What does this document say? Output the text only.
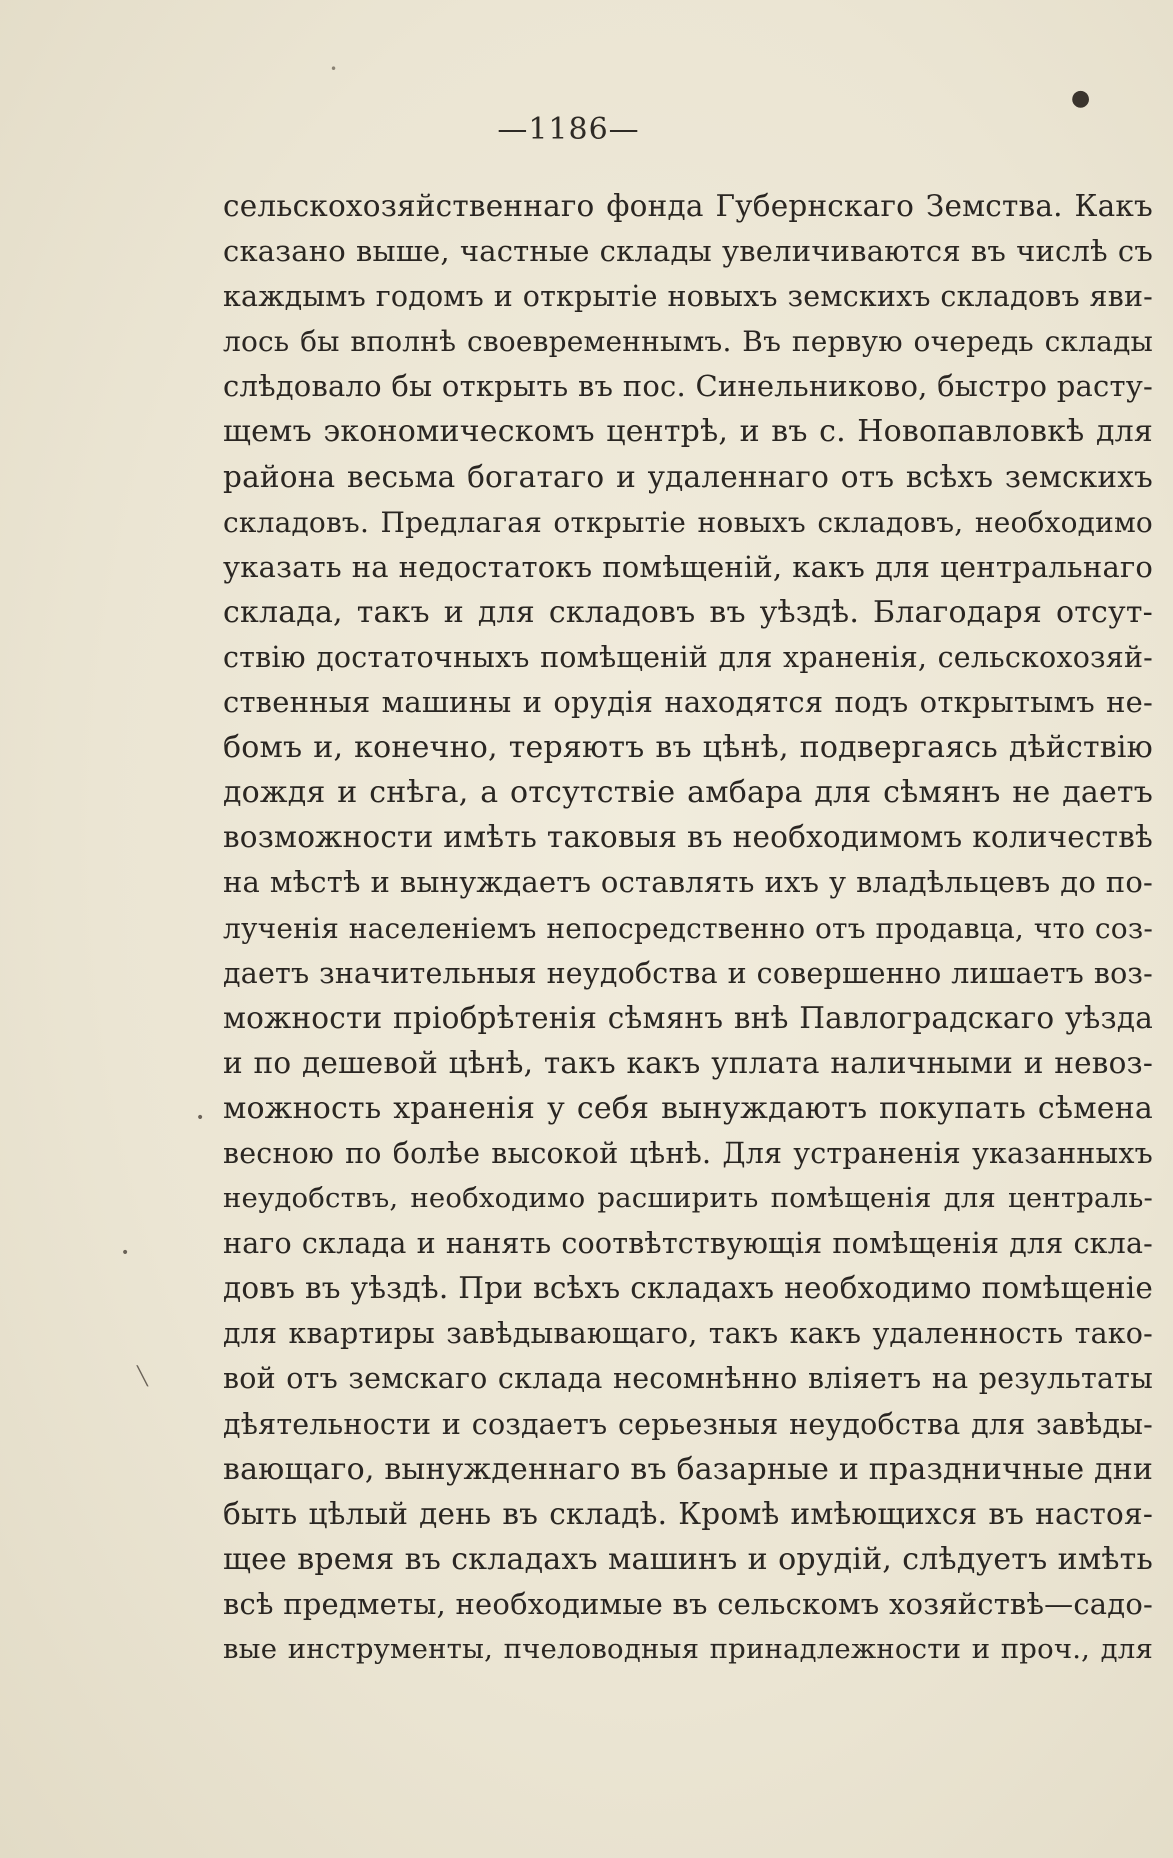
•
●
•
•
╲
—1186—
сельскохозяйственнаго фонда Губернскаго Земства. Какъ
сказано выше, частные склады увеличиваются въ числѣ съ
каждымъ годомъ и открытіе новыхъ земскихъ складовъ яви-
лось бы вполнѣ своевременнымъ. Въ первую очередь склады
слѣдовало бы открыть въ пос. Синельниково, быстро расту-
щемъ экономическомъ центрѣ, и въ с. Новопавловкѣ для
района весьма богатаго и удаленнаго отъ всѣхъ земскихъ
складовъ. Предлагая открытіе новыхъ складовъ, необходимо
указать на недостатокъ помѣщеній, какъ для центральнаго
склада, такъ и для складовъ въ уѣздѣ. Благодаря отсут-
ствію достаточныхъ помѣщеній для храненія, сельскохозяй-
ственныя машины и орудія находятся подъ открытымъ не-
бомъ и, конечно, теряютъ въ цѣнѣ, подвергаясь дѣйствію
дождя и снѣга, а отсутствіе амбара для сѣмянъ не даетъ
возможности имѣть таковыя въ необходимомъ количествѣ
на мѣстѣ и вынуждаетъ оставлять ихъ у владѣльцевъ до по-
лученія населеніемъ непосредственно отъ продавца, что соз-
даетъ значительныя неудобства и совершенно лишаетъ воз-
можности пріобрѣтенія сѣмянъ внѣ Павлоградскаго уѣзда
и по дешевой цѣнѣ, такъ какъ уплата наличными и невоз-
можность храненія у себя вынуждаютъ покупать сѣмена
весною по болѣе высокой цѣнѣ. Для устраненія указанныхъ
неудобствъ, необходимо расширить помѣщенія для централь-
наго склада и нанять соотвѣтствующія помѣщенія для скла-
довъ въ уѣздѣ. При всѣхъ складахъ необходимо помѣщеніе
для квартиры завѣдывающаго, такъ какъ удаленность тако-
вой отъ земскаго склада несомнѣнно вліяетъ на результаты
дѣятельности и создаетъ серьезныя неудобства для завѣды-
вающаго, вынужденнаго въ базарные и праздничные дни
быть цѣлый день въ складѣ. Кромѣ имѣющихся въ настоя-
щее время въ складахъ машинъ и орудій, слѣдуетъ имѣть
всѣ предметы, необходимые въ сельскомъ хозяйствѣ—садо-
вые инструменты, пчеловодныя принадлежности и проч., для
